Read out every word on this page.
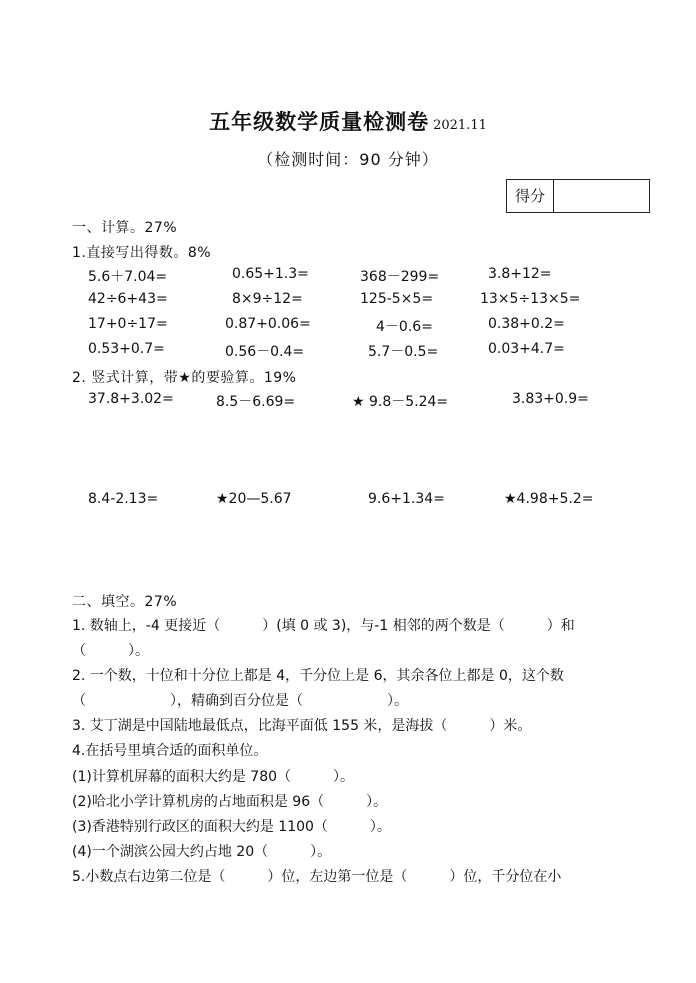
五年级数学质量检测卷 2021.11
（检测时间：90 分钟）
得分
一、计算。27%
1.直接写出得数。8%
5.6＋7.04=	0.65+1.3=	368－299=	3.8+12=
42÷6+43=	8×9÷12=	125-5×5=	13×5÷13×5=
17+0÷17=	0.87+0.06=	4－0.6=	0.38+0.2=
0.53+0.7=	0.56－0.4=	5.7－0.5=	0.03+4.7=
2. 竖式计算，带★的要验算。19%
37.8+3.02=	8.5－6.69=	★ 9.8－5.24=	3.83+0.9=
8.4-2.13=	★20—5.67	9.6+1.34=	★4.98+5.2=
二、填空。27%
1. 数轴上，-4 更接近（　　　）(填 0 或 3)，与-1 相邻的两个数是（　　　）和
（　　　）。
2. 一个数，十位和十分位上都是 4，千分位上是 6，其余各位上都是 0，这个数
（　　　　　　），精确到百分位是（　　　　　　）。
3. 艾丁湖是中国陆地最低点，比海平面低 155 米，是海拔（　　　）米。
4.在括号里填合适的面积单位。
(1)计算机屏幕的面积大约是 780（　　　）。
(2)哈北小学计算机房的占地面积是 96（　　　）。
(3)香港特别行政区的面积大约是 1100（　　　）。
(4)一个湖滨公园大约占地 20（　　　）。
5.小数点右边第二位是（　　　）位，左边第一位是（　　　）位，千分位在小
